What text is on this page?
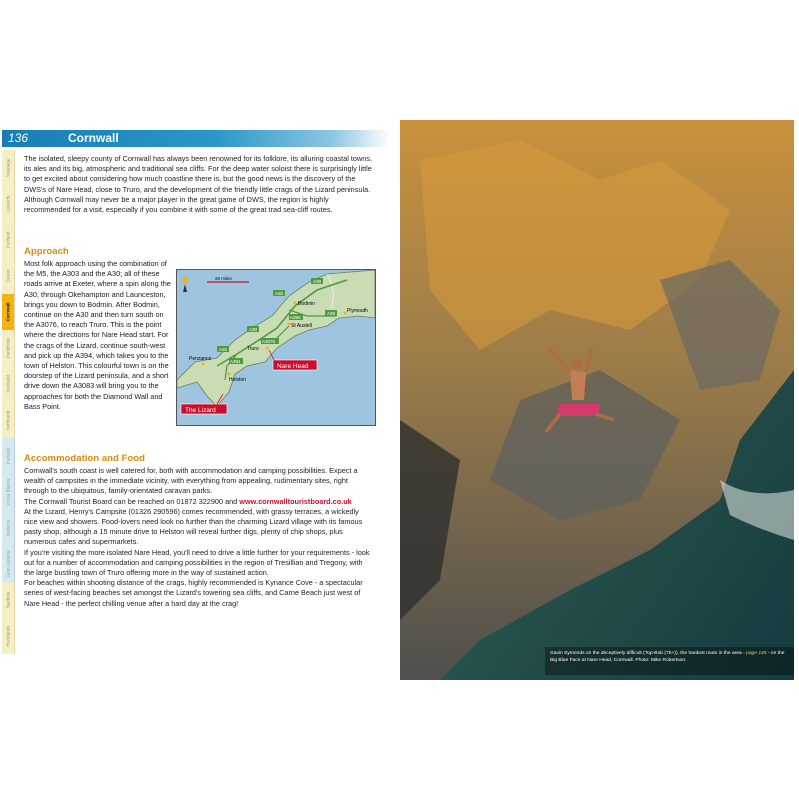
136	Cornwall
Swanage
Lulworth
Portland
Devon
Cornwall
Pembroke
Scotland
Northumb.
Portugal
Costa Blanca
Mallorca
Gran Canaria
Sardinia
Rocklands

The isolated, sleepy county of Cornwall has always been renowned for its folklore, its alluring coastal towns, its ales and its big, atmospheric and traditional sea cliffs. For the deep water soloist there is surprisingly little to get excited about considering how much coastline there is, but the good news is the discovery of the DWS's of Nare Head, close to Truro, and the development of the friendly little crags of the Lizard peninsula. Although Cornwall may never be a major player in the great game of DWS, the region is highly recommended for a visit, especially if you combine it with some of the great trad sea-cliff routes.

Approach
Most folk approach using the combination of the M5, the A303 and the A30; all of these roads arrive at Exeter, where a spin along the A30, through Okehampton and Launceston, brings you down to Bodmin. After Bodmin, continue on the A30 and then turn south on the A3076, to reach Truro. This is the point where the directions for Nare Head start. For the crags of the Lizard, continue south-west and pick up the A394, which takes you to the town of Helston. This colourful town is on the doorstep of the Lizard peninsula, and a short drive down the A3083 will bring you to the approaches for both the Diamond Wall and Bass Point.
20 miles
A30
A39
A38
A390
A30
A3076
A394
A30
Bodmin
Plymouth
St Austell
Truro
Penzance
Helston
Nare Head
The Lizard
Accommodation and Food

Cornwall's south coast is well catered for, both with accommodation and camping possibilities. Expect a wealth of campsites in the immediate vicinity, with everything from appealing, rudimentary sites, right through to the ubiquitous, family-orientated caravan parks.

The Cornwall Tourist Board can be reached on 01872 322900 and www.cornwalltouristboard.co.uk

At the Lizard, Henry's Campsite (01326 290596) comes recommended, with grassy terraces, a wickedly nice view and showers. Food-lovers need look no further than the charming Lizard village with its famous pasty shop, although a 15 minute drive to Helston will reveal further digs, plenty of chip shops, plus numerous cafes and supermarkets.

If you're visiting the more isolated Nare Head, you'll need to drive a little further for your requirements - look out for a number of accommodation and camping possibilities in the region of Tresillian and Tregony, with the large bustling town of Truro offering more in the way of sustained action.

For beaches within shooting distance of the crags, highly recommended is Kynance Cove - a spectacular series of west-facing beaches set amongst the Lizard's towering sea cliffs, and Carne Beach just west of Nare Head - the perfect chilling venue after a hard day at the crag!

Gavin Symonds on the deceptively difficult (Top-Bob (7b+)), the hardest route in the area - page 145 - on the Big Blue Face at Nare Head, Cornwall. Photo: Mike Robertson.
